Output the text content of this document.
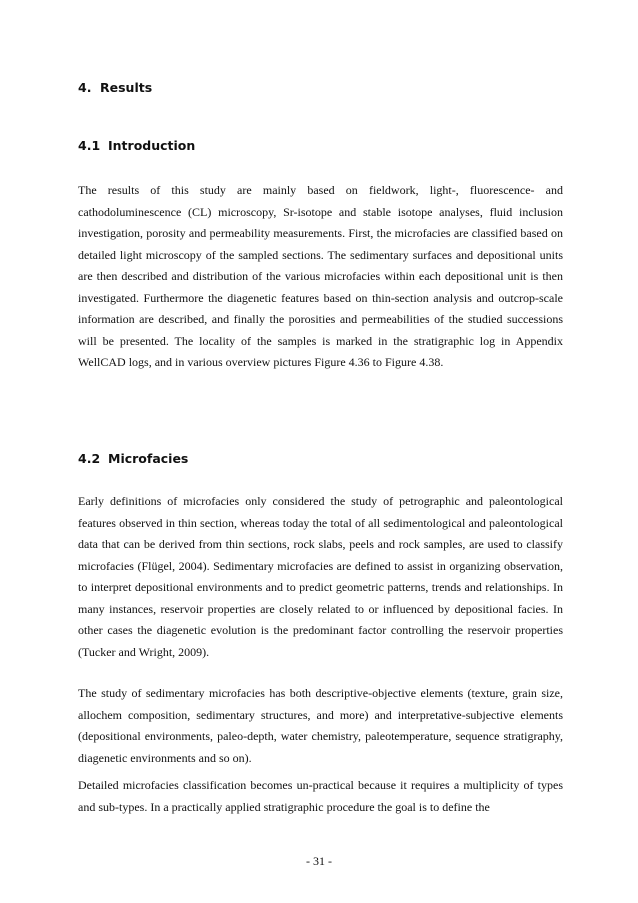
4. Results
4.1 Introduction

The results of this study are mainly based on fieldwork, light-, fluorescence- and cathodoluminescence (CL) microscopy, Sr-isotope and stable isotope analyses, fluid inclusion investigation, porosity and permeability measurements. First, the microfacies are classified based on detailed light microscopy of the sampled sections. The sedimentary surfaces and depositional units are then described and distribution of the various microfacies within each depositional unit is then investigated. Furthermore the diagenetic features based on thin-section analysis and outcrop-scale information are described, and finally the porosities and permeabilities of the studied successions will be presented. The locality of the samples is marked in the stratigraphic log in Appendix WellCAD logs, and in various overview pictures Figure 4.36 to Figure 4.38.

4.2 Microfacies

Early definitions of microfacies only considered the study of petrographic and paleontological features observed in thin section, whereas today the total of all sedimentological and paleontological data that can be derived from thin sections, rock slabs, peels and rock samples, are used to classify microfacies (Flügel, 2004). Sedimentary microfacies are defined to assist in organizing observation, to interpret depositional environments and to predict geometric patterns, trends and relationships. In many instances, reservoir properties are closely related to or influenced by depositional facies. In other cases the diagenetic evolution is the predominant factor controlling the reservoir properties (Tucker and Wright, 2009).

The study of sedimentary microfacies has both descriptive-objective elements (texture, grain size, allochem composition, sedimentary structures, and more) and interpretative-subjective elements (depositional environments, paleo-depth, water chemistry, paleotemperature, sequence stratigraphy, diagenetic environments and so on).

Detailed microfacies classification becomes un-practical because it requires a multiplicity of types and sub-types. In a practically applied stratigraphic procedure the goal is to define the

- 31 -
